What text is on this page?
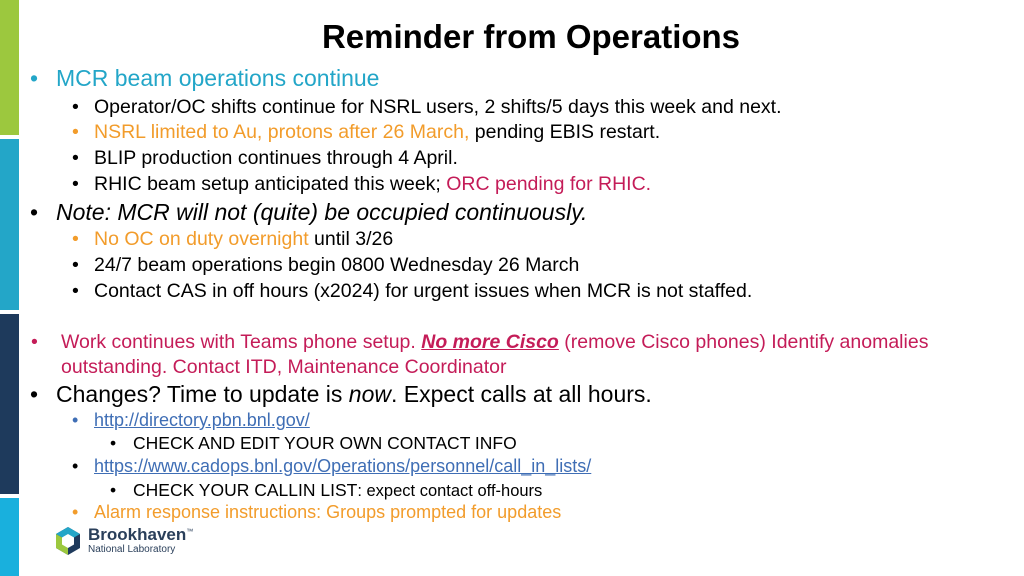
Reminder from Operations
• MCR beam operations continue
• Operator/OC shifts continue for NSRL users, 2 shifts/5 days this week and next.
• NSRL limited to Au, protons after 26 March, pending EBIS restart.
• BLIP production continues through 4 April.
• RHIC beam setup anticipated this week; ORC pending for RHIC.
• Note: MCR will not (quite) be occupied continuously.
• No OC on duty overnight until 3/26
• 24/7 beam operations begin 0800 Wednesday 26 March
• Contact CAS in off hours (x2024) for urgent issues when MCR is not staffed.
• Work continues with Teams phone setup. No more Cisco (remove Cisco phones) Identify anomalies outstanding. Contact ITD, Maintenance Coordinator
• Changes? Time to update is now. Expect calls at all hours.
• http://directory.pbn.bnl.gov/
• CHECK AND EDIT YOUR OWN CONTACT INFO
• https://www.cadops.bnl.gov/Operations/personnel/call_in_lists/
• CHECK YOUR CALLIN LIST: expect contact off-hours
• Alarm response instructions: Groups prompted for updates
Brookhaven™
National Laboratory
